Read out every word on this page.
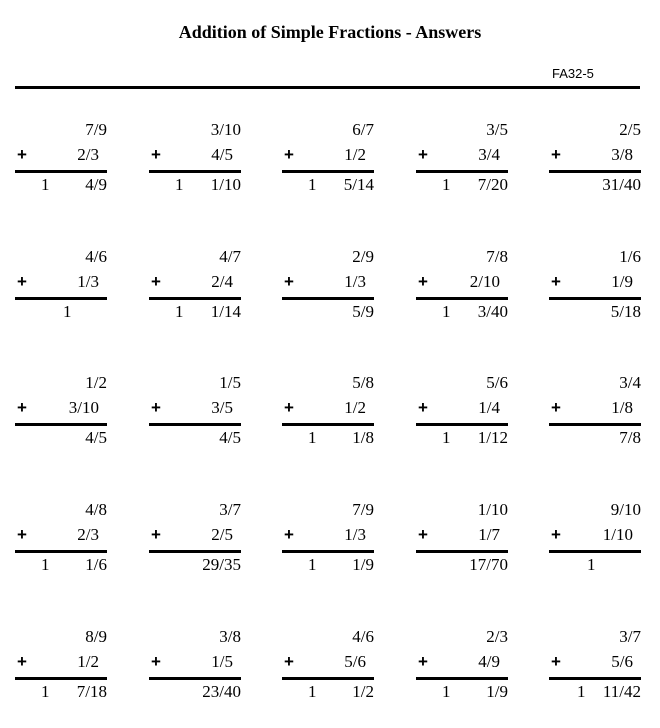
Addition of Simple Fractions - Answers
FA32-5
7/9
+	2/3
1 4/9
3/10
+	4/5
1 1/10
6/7
+	1/2
1 5/14
3/5
+	3/4
1 7/20
2/5
+	3/8
31/40
4/6
+	1/3
1
4/7
+	2/4
1 1/14
2/9
+	1/3
5/9
7/8
+ 2/10
1 3/40
1/6
+	1/9
5/18
1/2
+ 3/10
4/5
1/5
+	3/5
4/5
5/8
+	1/2
1 1/8
5/6
+	1/4
1 1/12
3/4
+	1/8
7/8
4/8
+	2/3
1 1/6
3/7
+	2/5
29/35
7/9
+	1/3
1 1/9
1/10
+	1/7
17/70
9/10
+ 1/10
1
8/9
+	1/2
1 7/18
3/8
+	1/5
23/40
4/6
+	5/6
1 1/2
2/3
+	4/9
1 1/9
3/7
+	5/6
1 11/42
